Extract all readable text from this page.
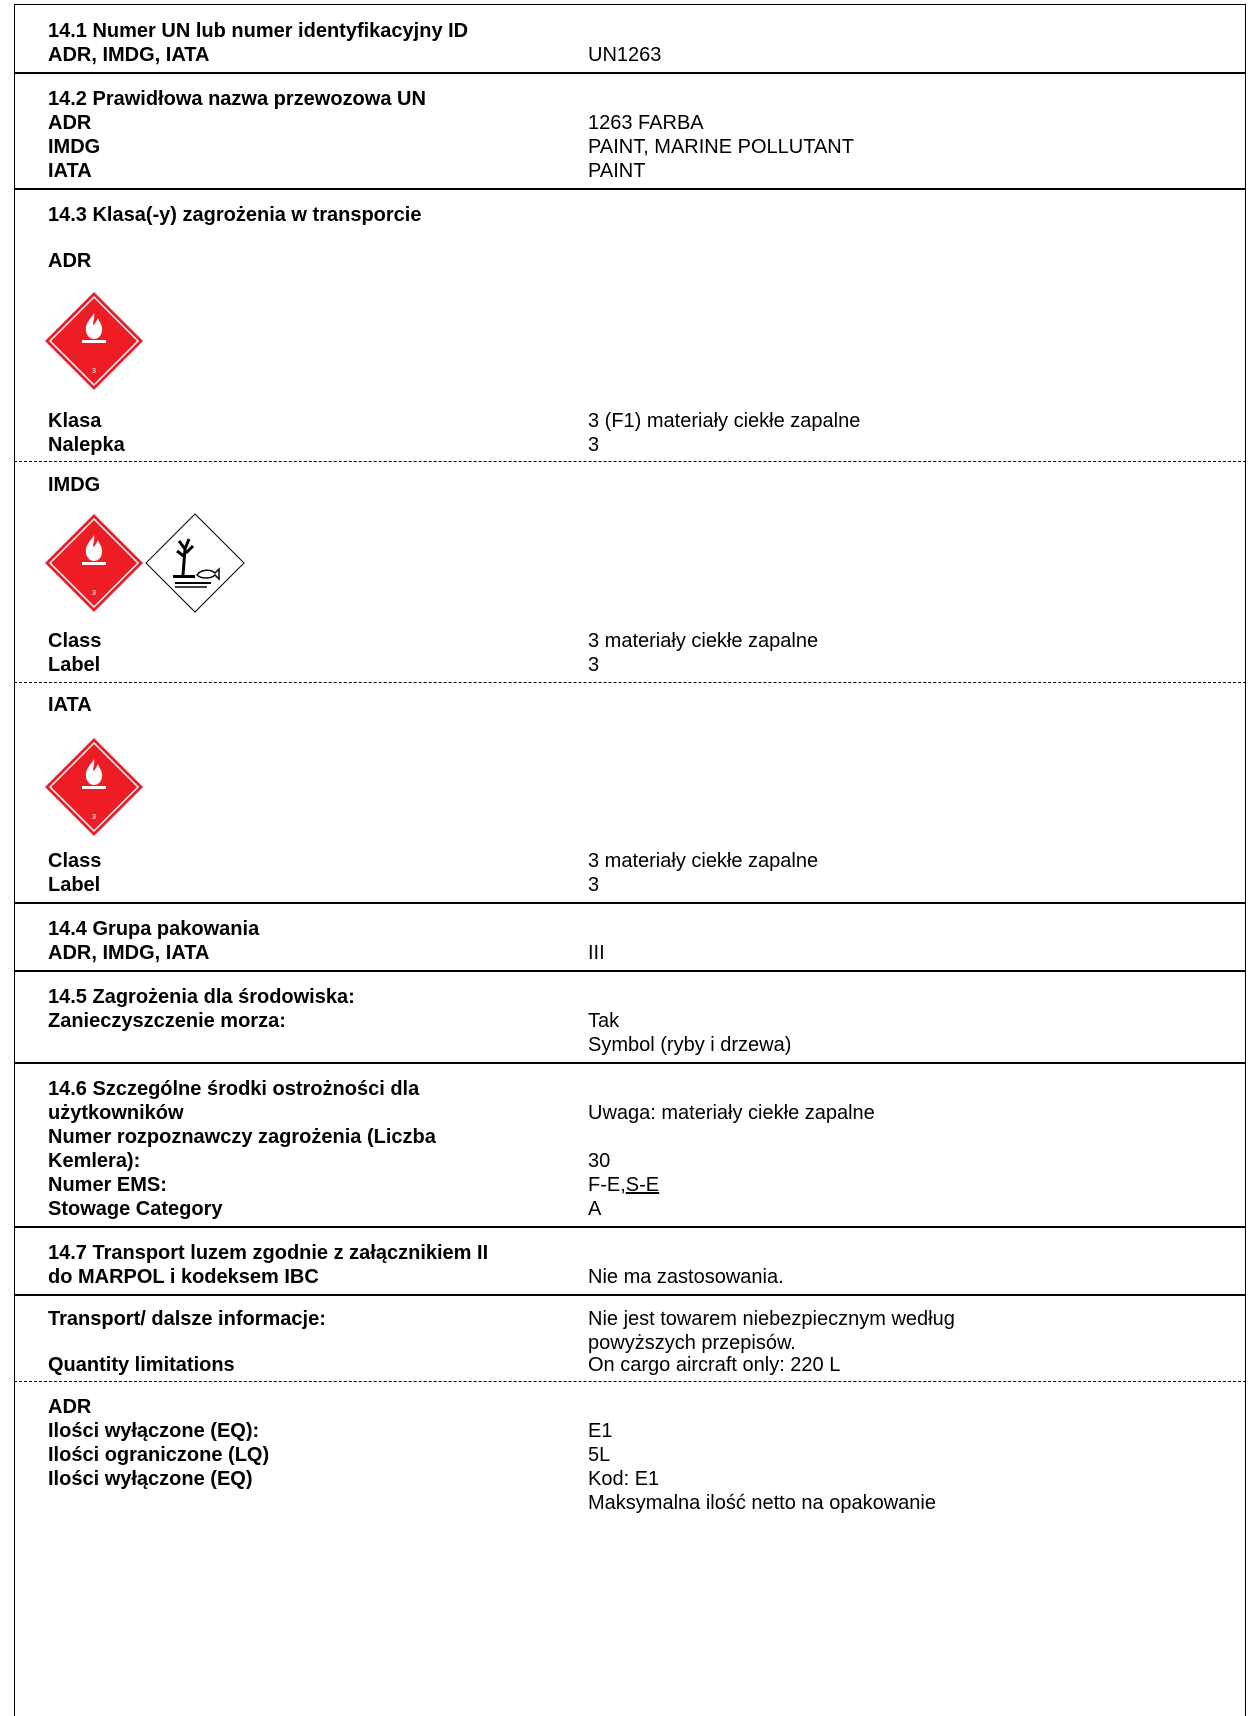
14.1 Numer UN lub numer identyfikacyjny ID
ADR, IMDG, IATA	UN1263
14.2 Prawidłowa nazwa przewozowa UN
ADR	1263 FARBA
IMDG	PAINT, MARINE POLLUTANT
IATA	PAINT
14.3 Klasa(-y) zagrożenia w transporcie
ADR
3
Klasa	3 (F1) materiały ciekłe zapalne
Nalepka	3
IMDG
3
Class	3 materiały ciekłe zapalne
Label	3
IATA
3
Class	3 materiały ciekłe zapalne
Label	3
14.4 Grupa pakowania
ADR, IMDG, IATA	III
14.5 Zagrożenia dla środowiska:
Zanieczyszczenie morza:	Tak
Symbol (ryby i drzewa)
14.6 Szczególne środki ostrożności dla
użytkowników	Uwaga: materiały ciekłe zapalne
Numer rozpoznawczy zagrożenia (Liczba
Kemlera):	30
Numer EMS:	F-E,S-E
Stowage Category	A
14.7 Transport luzem zgodnie z załącznikiem II
do MARPOL i kodeksem IBC	Nie ma zastosowania.
Transport/ dalsze informacje:	Nie jest towarem niebezpiecznym według
powyższych przepisów.
Quantity limitations	On cargo aircraft only: 220 L
ADR
Ilości wyłączone (EQ):	E1
Ilości ograniczone (LQ)	5L
Ilości wyłączone (EQ)	Kod: E1
Maksymalna ilość netto na opakowanie
